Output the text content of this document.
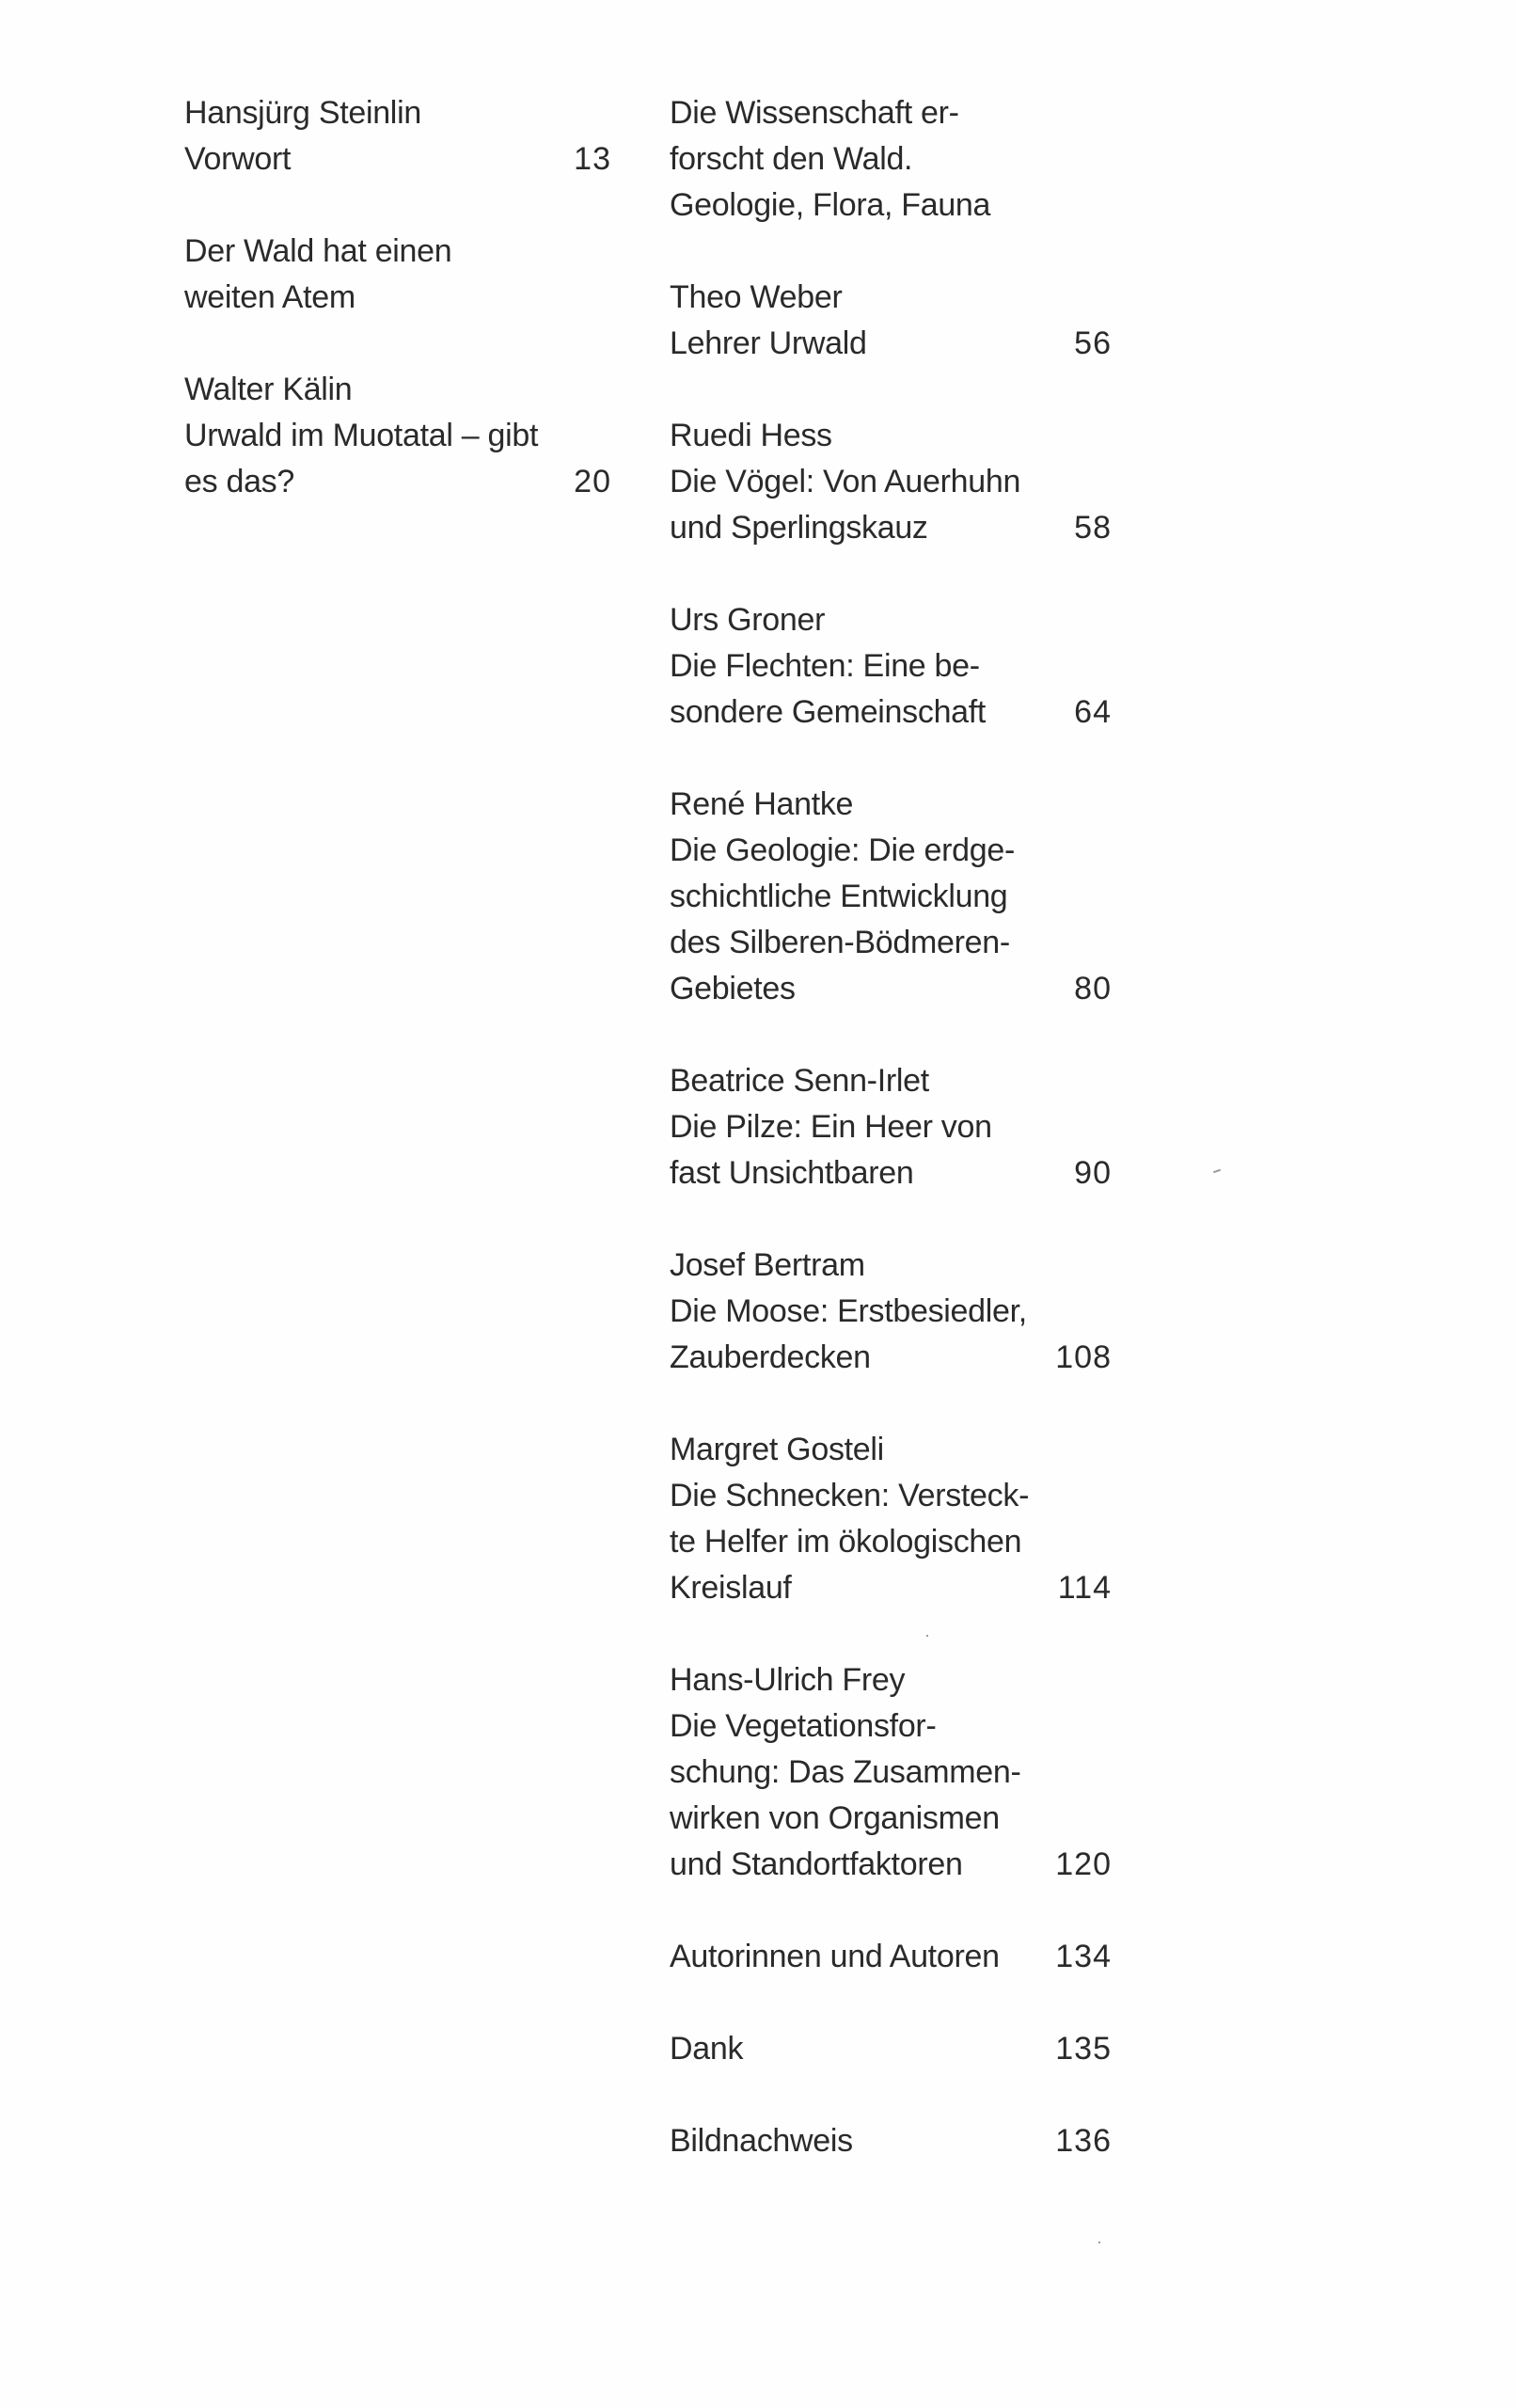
Hansjürg Steinlin
Vorwort	13
Der Wald hat einen
weiten Atem
Walter Kälin
Urwald im Muotatal – gibt
es das?	20
Die Wissenschaft er-
forscht den Wald.
Geologie, Flora, Fauna
Theo Weber
Lehrer Urwald	56
Ruedi Hess
Die Vögel: Von Auerhuhn
und Sperlingskauz	58
Urs Groner
Die Flechten: Eine be-
sondere Gemeinschaft	64
René Hantke
Die Geologie: Die erdge-
schichtliche Entwicklung
des Silberen-Bödmeren-
Gebietes	80
Beatrice Senn-Irlet
Die Pilze: Ein Heer von
fast Unsichtbaren	90
Josef Bertram
Die Moose: Erstbesiedler,
Zauberdecken	108
Margret Gosteli
Die Schnecken: Versteck-
te Helfer im ökologischen
Kreislauf	114
Hans-Ulrich Frey
Die Vegetationsfor-
schung: Das Zusammen-
wirken von Organismen
und Standortfaktoren	120
Autorinnen und Autoren	134
Dank	135
Bildnachweis	136
